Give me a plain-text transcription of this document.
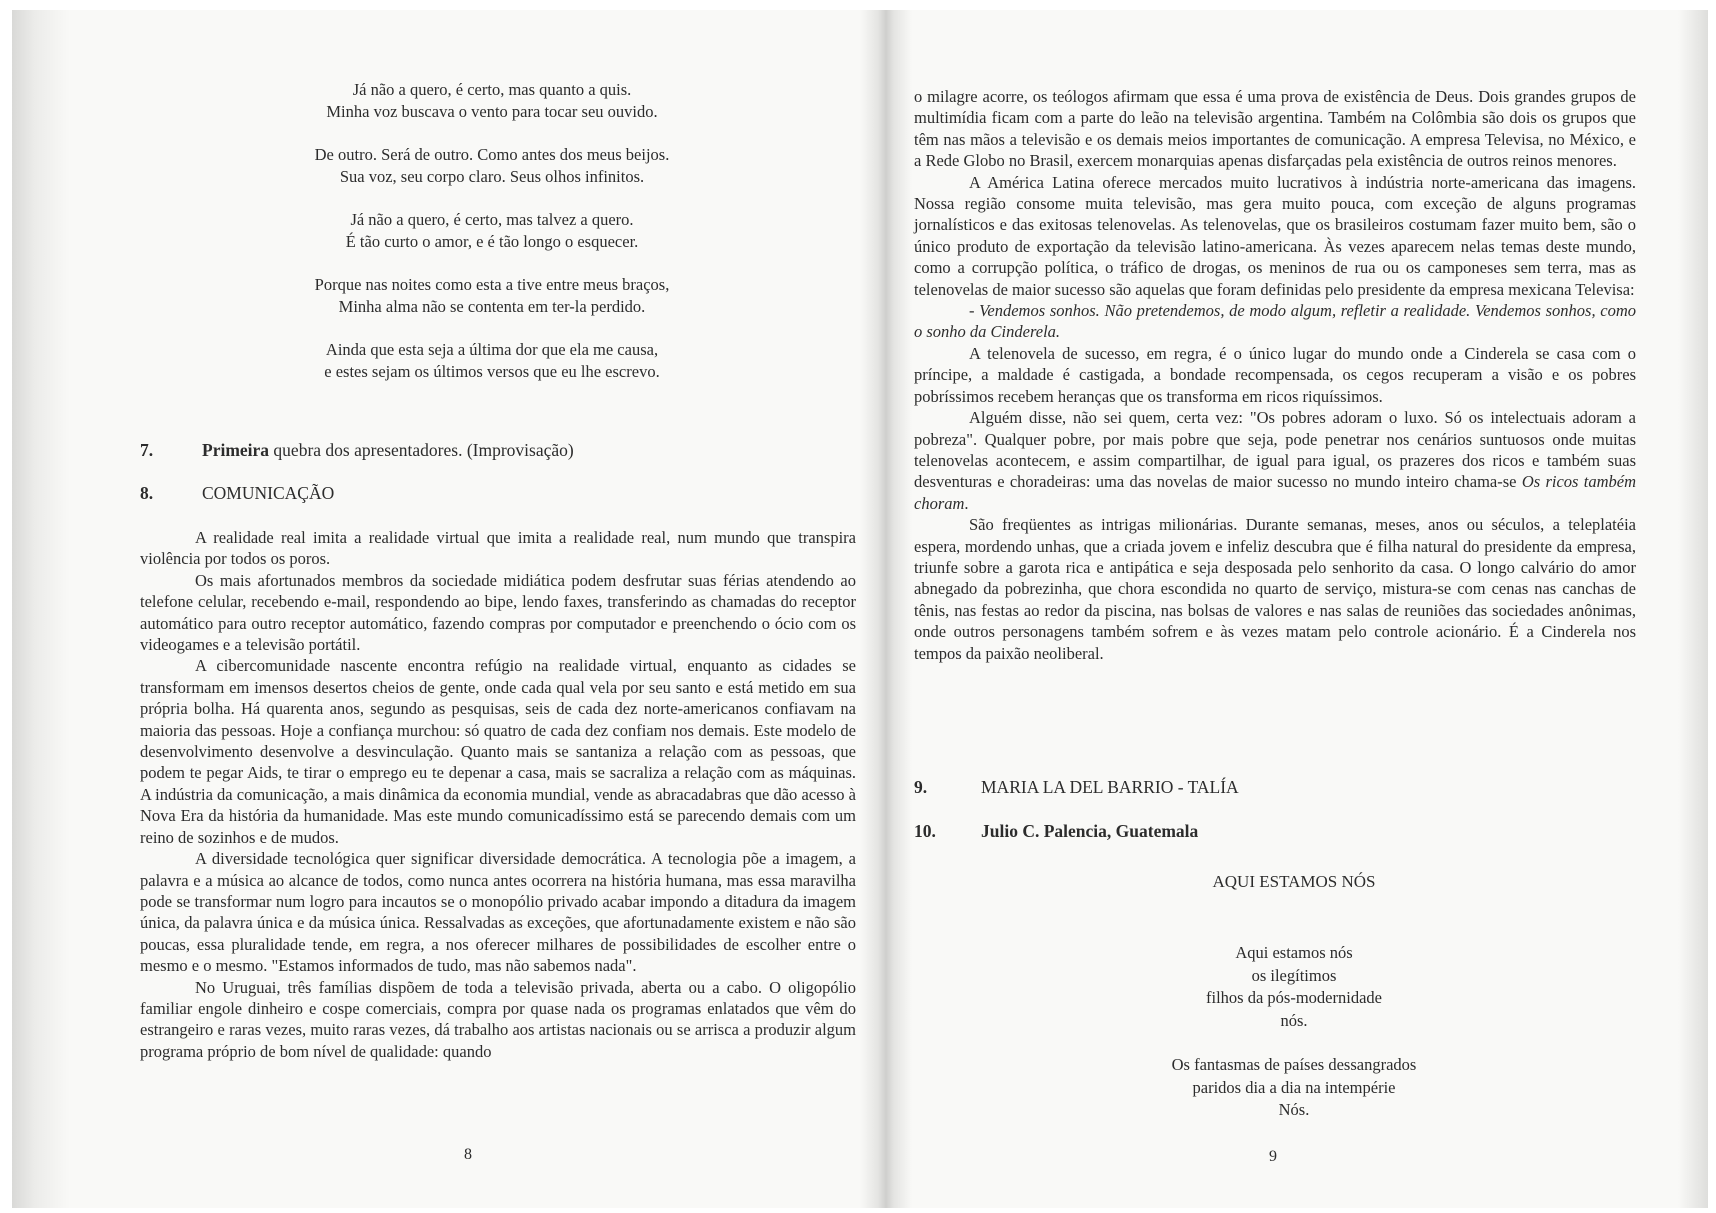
Já não a quero, é certo, mas quanto a quis.
Minha voz buscava o vento para tocar seu ouvido.
De outro. Será de outro. Como antes dos meus beijos.
Sua voz, seu corpo claro. Seus olhos infinitos.
Já não a quero, é certo, mas talvez a quero.
É tão curto o amor, e é tão longo o esquecer.
Porque nas noites como esta a tive entre meus braços,
Minha alma não se contenta em ter-la perdido.
Ainda que esta seja a última dor que ela me causa,
e estes sejam os últimos versos que eu lhe escrevo.
7.	Primeira quebra dos apresentadores. (Improvisação)
8.	COMUNICAÇÃO

A realidade real imita a realidade virtual que imita a realidade real, num mundo que transpira violência por todos os poros.

Os mais afortunados membros da sociedade midiática podem desfrutar suas férias atendendo ao telefone celular, recebendo e-mail, respondendo ao bipe, lendo faxes, transferindo as chamadas do receptor automático para outro receptor automático, fazendo compras por computador e preenchendo o ócio com os videogames e a televisão portátil.

A cibercomunidade nascente encontra refúgio na realidade virtual, enquanto as cidades se transformam em imensos desertos cheios de gente, onde cada qual vela por seu santo e está metido em sua própria bolha. Há quarenta anos, segundo as pesquisas, seis de cada dez norte-americanos confiavam na maioria das pessoas. Hoje a confiança murchou: só quatro de cada dez confiam nos demais. Este modelo de desenvolvimento desenvolve a desvinculação. Quanto mais se santaniza a relação com as pessoas, que podem te pegar Aids, te tirar o emprego eu te depenar a casa, mais se sacraliza a relação com as máquinas. A indústria da comunicação, a mais dinâmica da economia mundial, vende as abracadabras que dão acesso à Nova Era da história da humanidade. Mas este mundo comunicadíssimo está se parecendo demais com um reino de sozinhos e de mudos.

A diversidade tecnológica quer significar diversidade democrática. A tecnologia põe a imagem, a palavra e a música ao alcance de todos, como nunca antes ocorrera na história humana, mas essa maravilha pode se transformar num logro para incautos se o monopólio privado acabar impondo a ditadura da imagem única, da palavra única e da música única. Ressalvadas as exceções, que afortunadamente existem e não são poucas, essa pluralidade tende, em regra, a nos oferecer milhares de possibilidades de escolher entre o mesmo e o mesmo. "Estamos informados de tudo, mas não sabemos nada".

No Uruguai, três famílias dispõem de toda a televisão privada, aberta ou a cabo. O oligopólio familiar engole dinheiro e cospe comerciais, compra por quase nada os programas enlatados que vêm do estrangeiro e raras vezes, muito raras vezes, dá trabalho aos artistas nacionais ou se arrisca a produzir algum programa próprio de bom nível de qualidade: quando

8

o milagre acorre, os teólogos afirmam que essa é uma prova de existência de Deus. Dois grandes grupos de multimídia ficam com a parte do leão na televisão argentina. Também na Colômbia são dois os grupos que têm nas mãos a televisão e os demais meios importantes de comunicação. A empresa Televisa, no México, e a Rede Globo no Brasil, exercem monarquias apenas disfarçadas pela existência de outros reinos menores.

A América Latina oferece mercados muito lucrativos à indústria norte-americana das imagens. Nossa região consome muita televisão, mas gera muito pouca, com exceção de alguns programas jornalísticos e das exitosas telenovelas. As telenovelas, que os brasileiros costumam fazer muito bem, são o único produto de exportação da televisão latino-americana. Às vezes aparecem nelas temas deste mundo, como a corrupção política, o tráfico de drogas, os meninos de rua ou os camponeses sem terra, mas as telenovelas de maior sucesso são aquelas que foram definidas pelo presidente da empresa mexicana Televisa:

- Vendemos sonhos. Não pretendemos, de modo algum, refletir a realidade. Vendemos sonhos, como o sonho da Cinderela.

A telenovela de sucesso, em regra, é o único lugar do mundo onde a Cinderela se casa com o príncipe, a maldade é castigada, a bondade recompensada, os cegos recuperam a visão e os pobres pobríssimos recebem heranças que os transforma em ricos riquíssimos.

Alguém disse, não sei quem, certa vez: "Os pobres adoram o luxo. Só os intelectuais adoram a pobreza". Qualquer pobre, por mais pobre que seja, pode penetrar nos cenários suntuosos onde muitas telenovelas acontecem, e assim compartilhar, de igual para igual, os prazeres dos ricos e também suas desventuras e choradeiras: uma das novelas de maior sucesso no mundo inteiro chama-se Os ricos também choram.

São freqüentes as intrigas milionárias. Durante semanas, meses, anos ou séculos, a teleplatéia espera, mordendo unhas, que a criada jovem e infeliz descubra que é filha natural do presidente da empresa, triunfe sobre a garota rica e antipática e seja desposada pelo senhorito da casa. O longo calvário do amor abnegado da pobrezinha, que chora escondida no quarto de serviço, mistura-se com cenas nas canchas de tênis, nas festas ao redor da piscina, nas bolsas de valores e nas salas de reuniões das sociedades anônimas, onde outros personagens também sofrem e às vezes matam pelo controle acionário. É a Cinderela nos tempos da paixão neoliberal.

9.	MARIA LA DEL BARRIO - TALÍA
10.	Julio C. Palencia, Guatemala
AQUI ESTAMOS NÓS
Aqui estamos nós
os ilegítimos
filhos da pós-modernidade
nós.
Os fantasmas de países dessangrados
paridos dia a dia na intempérie
Nós.
9
